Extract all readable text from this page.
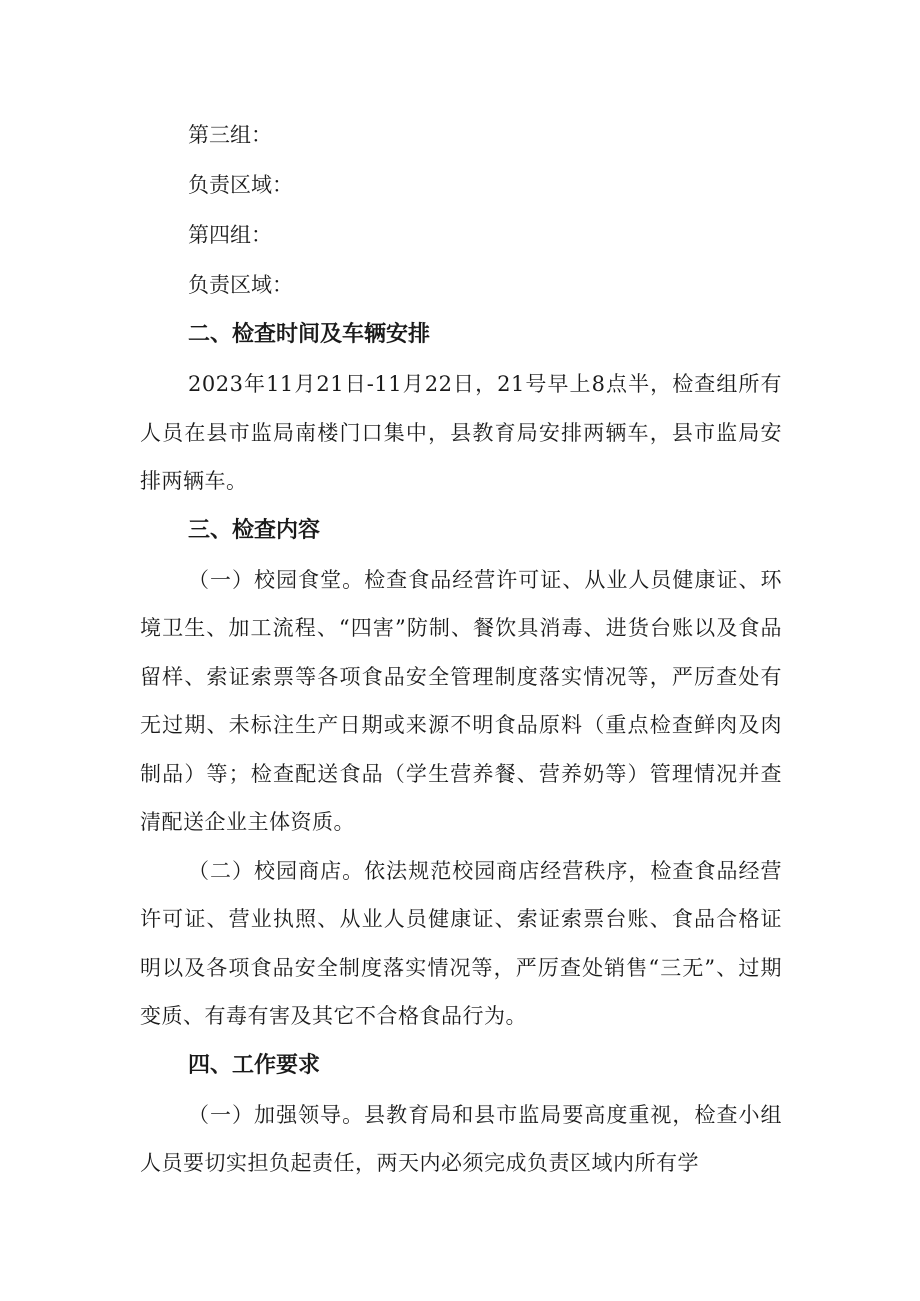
第三组：
负责区域：
第四组：
负责区域：
二、检查时间及车辆安排

2023年11月21日-11月22日，21号早上8点半，检查组所有人员在县市监局南楼门口集中，县教育局安排两辆车，县市监局安排两辆车。

三、检查内容

（一）校园食堂。检查食品经营许可证、从业人员健康证、环境卫生、加工流程、“四害”防制、餐饮具消毒、进货台账以及食品留样、索证索票等各项食品安全管理制度落实情况等，严厉查处有无过期、未标注生产日期或来源不明食品原料（重点检查鲜肉及肉制品）等；检查配送食品（学生营养餐、营养奶等）管理情况并查清配送企业主体资质。

（二）校园商店。依法规范校园商店经营秩序，检查食品经营许可证、营业执照、从业人员健康证、索证索票台账、食品合格证明以及各项食品安全制度落实情况等，严厉查处销售“三无”、过期变质、有毒有害及其它不合格食品行为。

四、工作要求

（一）加强领导。县教育局和县市监局要高度重视，检查小组人员要切实担负起责任，两天内必须完成负责区域内所有学
